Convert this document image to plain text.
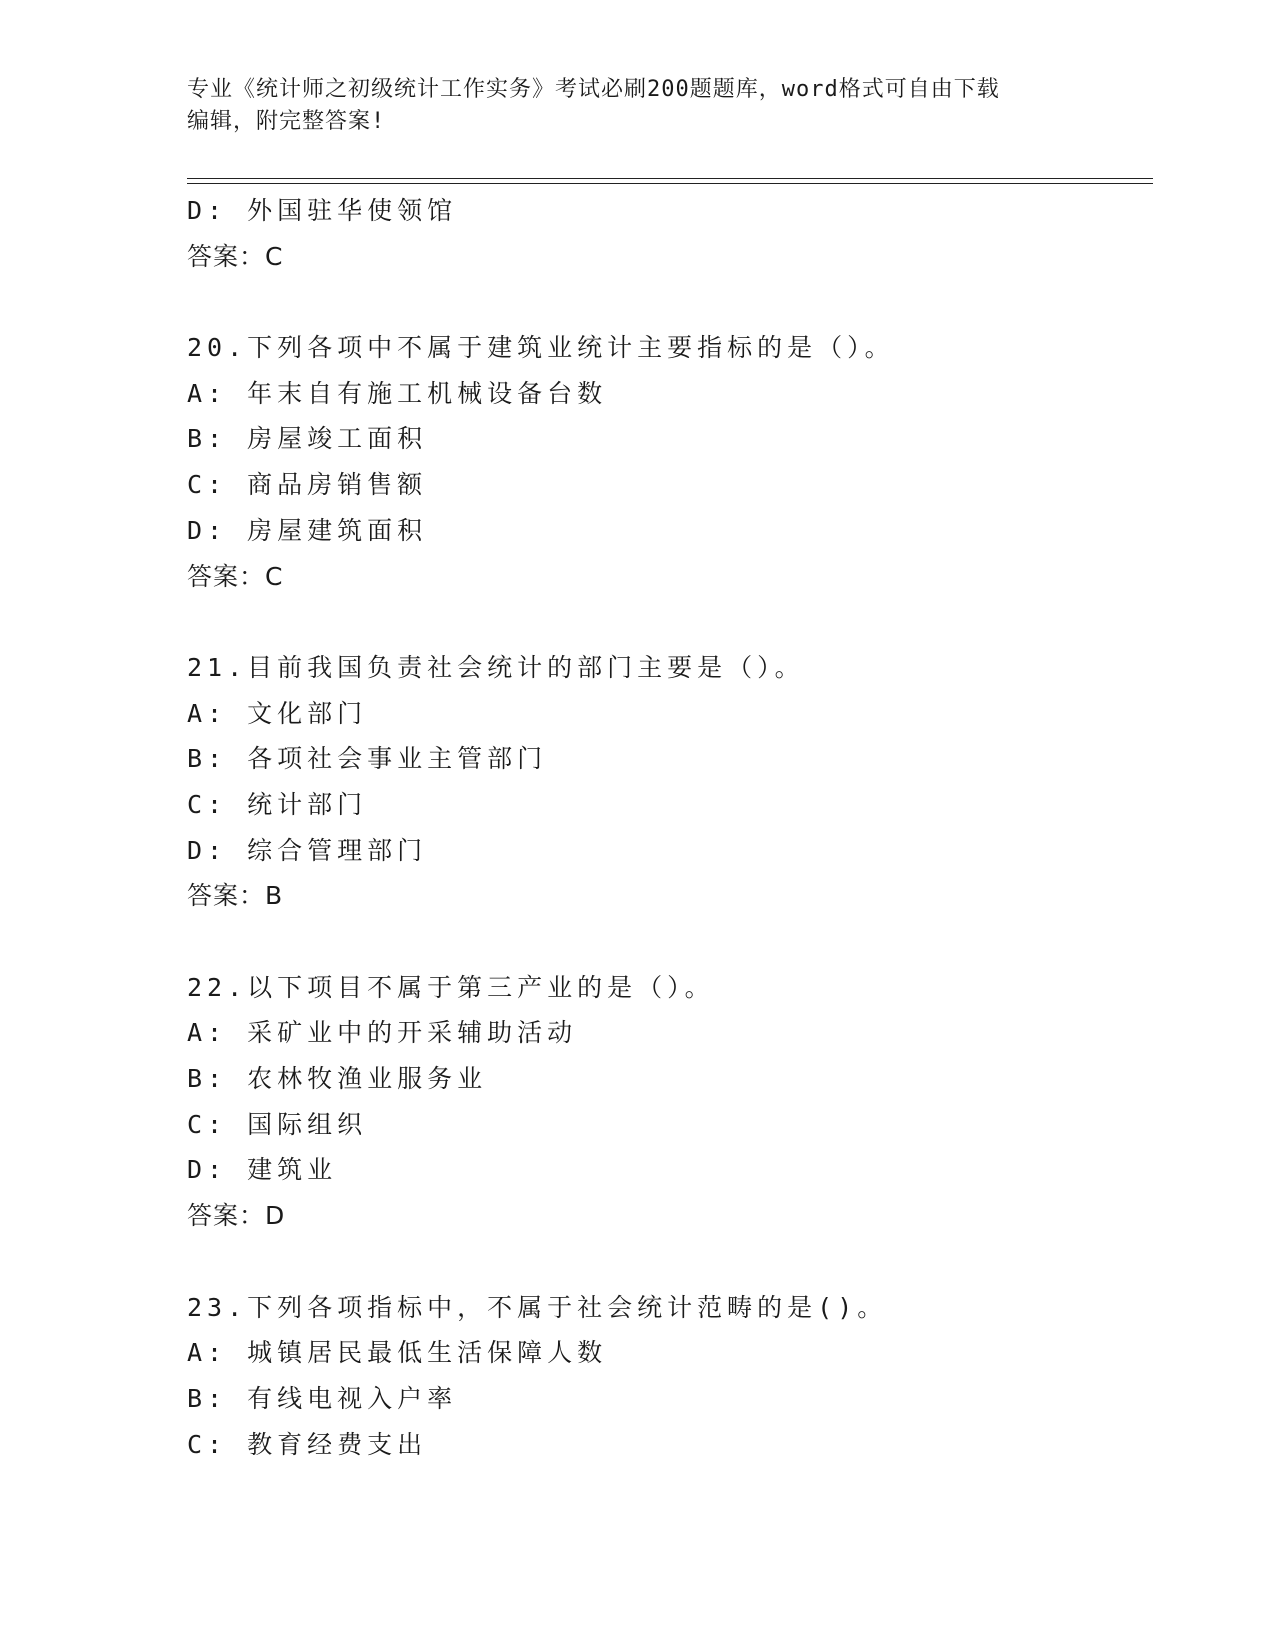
专业《统计师之初级统计工作实务》考试必刷200题题库，word格式可自由下载
编辑，附完整答案!
D: 外国驻华使领馆
答案：C
20.下列各项中不属于建筑业统计主要指标的是（）。
A: 年末自有施工机械设备台数
B: 房屋竣工面积
C: 商品房销售额
D: 房屋建筑面积
答案：C
21.目前我国负责社会统计的部门主要是（）。
A: 文化部门
B: 各项社会事业主管部门
C: 统计部门
D: 综合管理部门
答案：B
22.以下项目不属于第三产业的是（）。
A: 采矿业中的开采辅助活动
B: 农林牧渔业服务业
C: 国际组织
D: 建筑业
答案：D
23.下列各项指标中，不属于社会统计范畴的是()。
A: 城镇居民最低生活保障人数
B: 有线电视入户率
C: 教育经费支出
